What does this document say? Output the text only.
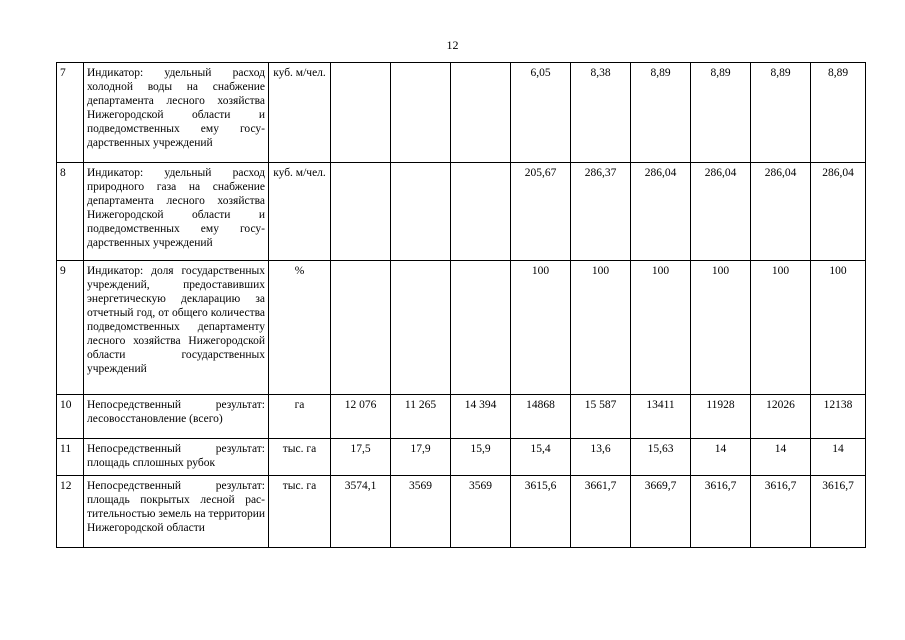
12
7	Индикатор: удельный расход холодной воды на снабжение департамента лесного хозяйства Нижегородской области и подведомственных ему государственных учреждений	куб. м/чел.				6,05	8,38	8,89	8,89	8,89	8,89
8	Индикатор: удельный расход природного газа на снабжение департамента лесного хозяйства Нижегородской области и подведомственных ему государственных учреждений	куб. м/чел.				205,67	286,37	286,04	286,04	286,04	286,04
9	Индикатор: доля государственных учреждений, предоставивших энергетическую декларацию за отчетный год, от общего количества подведомственных департаменту лесного хозяйства Нижегородской области государственных учреждений	%				100	100	100	100	100	100
10	Непосредственный результат: лесовосстановление (всего)	га	12 076	11 265	14 394	14868	15 587	13411	11928	12026	12138
11	Непосредственный результат: площадь сплошных рубок	тыс. га	17,5	17,9	15,9	15,4	13,6	15,63	14	14	14
12	Непосредственный результат: площадь покрытых лесной растительностью земель на территории Нижегородской области	тыс. га	3574,1	3569	3569	3615,6	3661,7	3669,7	3616,7	3616,7	3616,7
